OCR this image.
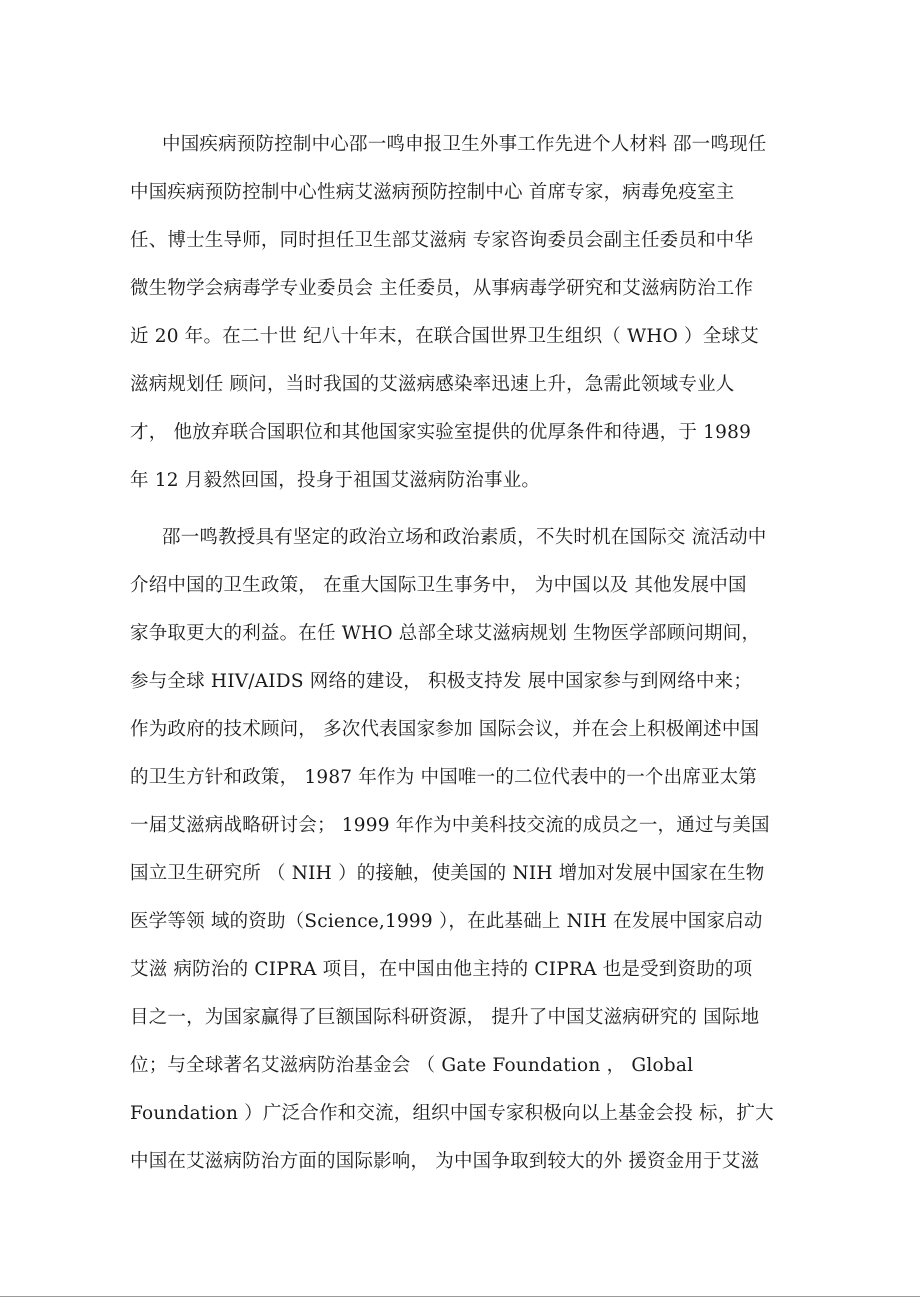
中国疾病预防控制中心邵一鸣申报卫生外事工作先进个人材料 邵一鸣现任
中国疾病预防控制中心性病艾滋病预防控制中心 首席专家，病毒免疫室主
任、博士生导师，同时担任卫生部艾滋病 专家咨询委员会副主任委员和中华
微生物学会病毒学专业委员会 主任委员，从事病毒学研究和艾滋病防治工作
近 20 年。在二十世 纪八十年末，在联合国世界卫生组织（ WHO ）全球艾
滋病规划任 顾问，当时我国的艾滋病感染率迅速上升，急需此领域专业人
才， 他放弃联合国职位和其他国家实验室提供的优厚条件和待遇，于 1989
年 12 月毅然回国，投身于祖国艾滋病防治事业。
邵一鸣教授具有坚定的政治立场和政治素质，不失时机在国际交 流活动中
介绍中国的卫生政策， 在重大国际卫生事务中， 为中国以及 其他发展中国
家争取更大的利益。在任 WHO 总部全球艾滋病规划 生物医学部顾问期间，
参与全球 HIV/AIDS 网络的建设， 积极支持发 展中国家参与到网络中来；
作为政府的技术顾问， 多次代表国家参加 国际会议，并在会上积极阐述中国
的卫生方针和政策， 1987 年作为 中国唯一的二位代表中的一个出席亚太第
一届艾滋病战略研讨会； 1999 年作为中美科技交流的成员之一，通过与美国
国立卫生研究所 （ NIH ）的接触，使美国的 NIH 增加对发展中国家在生物
医学等领 域的资助（Science,1999 ），在此基础上 NIH 在发展中国家启动
艾滋 病防治的 CIPRA 项目，在中国由他主持的 CIPRA 也是受到资助的项
目之一，为国家赢得了巨额国际科研资源， 提升了中国艾滋病研究的 国际地
位；与全球著名艾滋病防治基金会 （ Gate Foundation ， Global
Foundation ）广泛合作和交流，组织中国专家积极向以上基金会投 标，扩大
中国在艾滋病防治方面的国际影响， 为中国争取到较大的外 援资金用于艾滋
